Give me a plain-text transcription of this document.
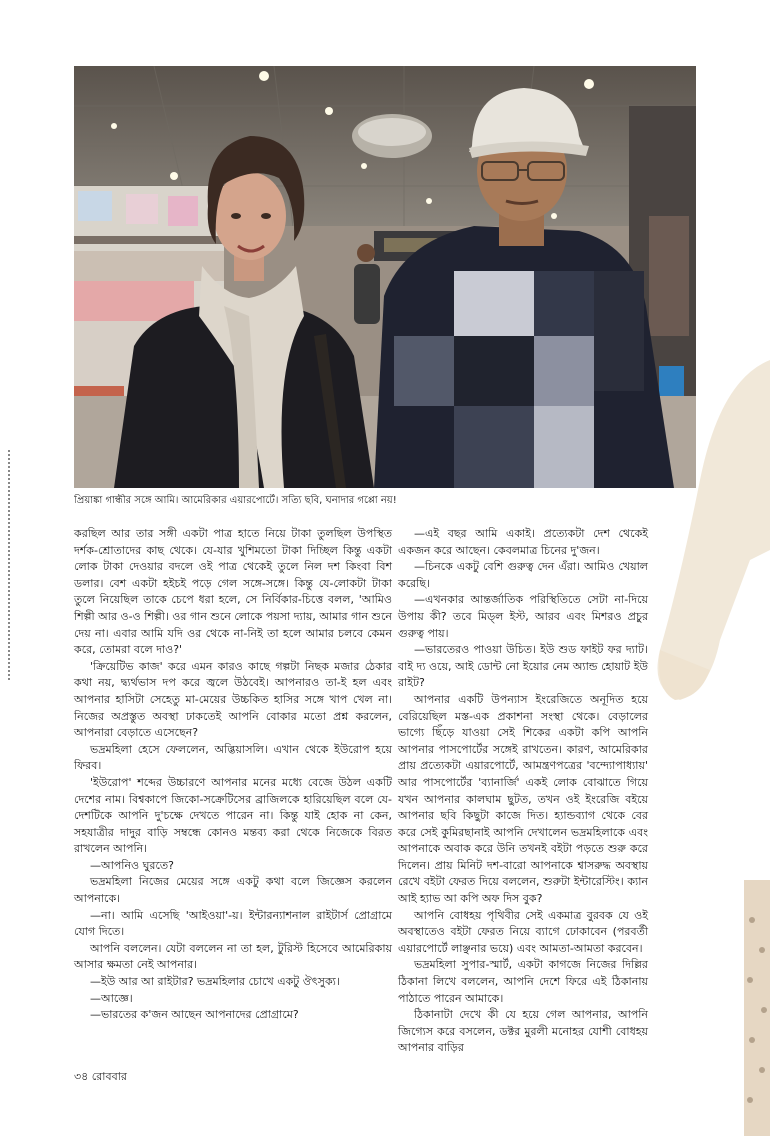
প্রিয়াঙ্কা গান্ধীর সঙ্গে আমি। আমেরিকার এয়ারপোর্টে। সত্যি ছবি, ঘনাদার গপ্পো নয়!

করছিল আর তার সঙ্গী একটা পাত্র হাতে নিয়ে টাকা তুলছিল উপস্থিত দর্শক-শ্রোতাদের কাছ থেকে। যে-যার খুশিমতো টাকা দিচ্ছিল কিন্তু একটা লোক টাকা দেওয়ার বদলে ওই পাত্র থেকেই তুলে নিল দশ কিংবা বিশ ডলার। বেশ একটা হইচই পড়ে গেল সঙ্গে-সঙ্গে। কিন্তু যে-লোকটা টাকা তুলে নিয়েছিল তাকে চেপে ধরা হলে, সে নির্বিকার-চিত্তে বলল, 'আমিও শিল্পী আর ও-ও শিল্পী। ওর গান শুনে লোকে পয়সা দ্যায়, আমার গান শুনে দেয় না। এবার আমি যদি ওর থেকে না-নিই তা হলে আমার চলবে কেমন করে, তোমরা বলে দাও?'

'ক্রিয়েটিভ কাজ' করে এমন কারও কাছে গল্পটা নিছক মজার ঠেকার কথা নয়, দ্ব্যর্থভাস দপ করে জ্বলে উঠবেই। আপনারও তা-ই হল এবং আপনার হাসিটা সেহেতু মা-মেয়ের উচ্চকিত হাসির সঙ্গে খাপ খেল না। নিজের অপ্রস্তুত অবস্থা ঢাকতেই আপনি বোকার মতো প্রশ্ন করলেন, আপনারা বেড়াতে এসেছেন?

ভদ্রমহিলা হেসে ফেললেন, অব্ভিয়াসলি। এখান থেকে ইউরোপ হয়ে ফিরব।

'ইউরোপ' শব্দের উচ্চারণে আপনার মনের মধ্যে বেজে উঠল একটি দেশের নাম। বিশ্বকাপে জিকো-সক্রেটিসের ব্রাজিলকে হারিয়েছিল বলে যে-দেশটিকে আপনি দু'চক্ষে দেখতে পারেন না। কিন্তু যাই হোক না কেন, সহযাত্রীর দাদুর বাড়ি সম্বন্ধে কোনও মন্তব্য করা থেকে নিজেকে বিরত রাখলেন আপনি।

—আপনিও ঘুরতে?

ভদ্রমহিলা নিজের মেয়ের সঙ্গে একটু কথা বলে জিজ্ঞেস করলেন আপনাকে।

—না। আমি এসেছি 'আইওয়া'-য়। ইন্টারন্যাশনাল রাইটার্স প্রোগ্রামে যোগ দিতে।

আপনি বললেন। যেটা বললেন না তা হল, টুরিস্ট হিসেবে আমেরিকায় আসার ক্ষমতা নেই আপনার।

—ইউ আর আ রাইটার? ভদ্রমহিলার চোখে একটু ঔৎসুক্য।

—আজ্ঞে।

—ভারতের ক'জন আছেন আপনাদের প্রোগ্রামে?

—এই বছর আমি একাই। প্রত্যেকটা দেশ থেকেই একজন করে আছেন। কেবলমাত্র চিনের দু'জন।

—চিনকে একটু বেশি গুরুত্ব দেন এঁরা। আমিও খেয়াল করেছি।

—এখনকার আন্তর্জাতিক পরিস্থিতিতে সেটা না-দিয়ে উপায় কী? তবে মিড্ল ইস্ট, আরব এবং মিশরও প্রচুর গুরুত্ব পায়।

—ভারতেরও পাওয়া উচিত। ইউ শুড ফাইট ফর দ্যাট। বাই দ্য ওয়ে, আই ডোন্ট নো ইয়োর নেম অ্যান্ড হোয়াট ইউ রাইট?

আপনার একটি উপন্যাস ইংরেজিতে অনূদিত হয়ে বেরিয়েছিল মস্ত-এক প্রকাশনা সংস্থা থেকে। বেড়ালের ভাগ্যে ছিঁড়ে যাওয়া সেই শিকের একটা কপি আপনি আপনার পাসপোর্টের সঙ্গেই রাখতেন। কারণ, আমেরিকার প্রায় প্রত্যেকটা এয়ারপোর্টে, আমন্ত্রণপত্রের 'বন্দ্যোপাধ্যায়' আর পাসপোর্টের 'ব্যানার্জি' একই লোক বোঝাতে গিয়ে যখন আপনার কালঘাম ছুটত, তখন ওই ইংরেজি বইয়ে আপনার ছবি কিছুটা কাজে দিত। হ্যান্ডব্যাগ থেকে বের করে সেই কুমিরছানাই আপনি দেখালেন ভদ্রমহিলাকে এবং আপনাকে অবাক করে উনি তখনই বইটা পড়তে শুরু করে দিলেন। প্রায় মিনিট দশ-বারো আপনাকে শ্বাসরুদ্ধ অবস্থায় রেখে বইটা ফেরত দিয়ে বললেন, শুরুটা ইন্টারেস্টিং। ক্যান আই হ্যাভ আ কপি অফ দিস বুক?

আপনি বোধহয় পৃথিবীর সেই একমাত্র বুরবক যে ওই অবস্থাতেও বইটা ফেরত নিয়ে ব্যাগে ঢোকাবেন (পরবর্তী এয়ারপোর্টে লাঞ্ছনার ভয়ে) এবং আমতা-আমতা করবেন।

ভদ্রমহিলা সুপার-স্মার্ট, একটা কাগজে নিজের দিল্লির ঠিকানা লিখে বললেন, আপনি দেশে ফিরে এই ঠিকানায় পাঠাতে পারেন আমাকে।

ঠিকানাটা দেখে কী যে হয়ে গেল আপনার, আপনি জিগ্যেস করে বসলেন, ডক্টর মুরলী মনোহর যোশী বোধহয় আপনার বাড়ির

৩৪ রোববার
